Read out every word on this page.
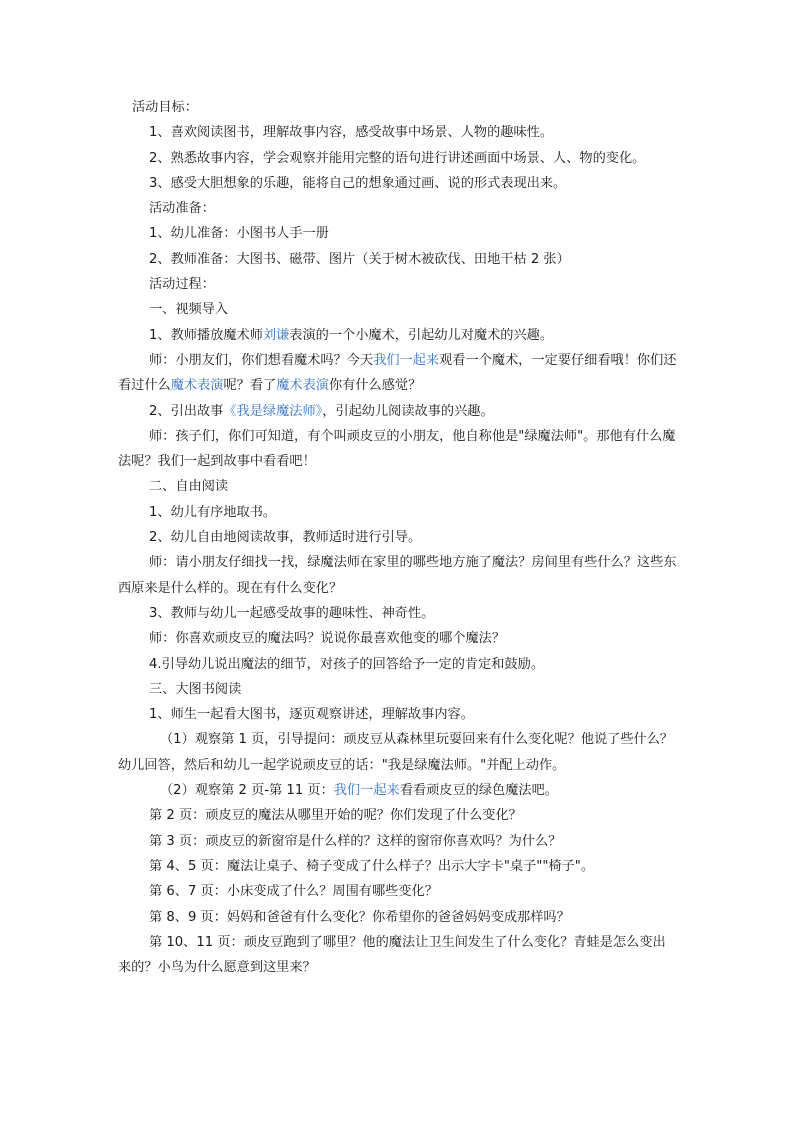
活动目标：

1、喜欢阅读图书，理解故事内容，感受故事中场景、人物的趣味性。

2、熟悉故事内容，学会观察并能用完整的语句进行讲述画面中场景、人、物的变化。

3、感受大胆想象的乐趣，能将自己的想象通过画、说的形式表现出来。

活动准备：

1、幼儿准备：小图书人手一册

2、教师准备：大图书、磁带、图片（关于树木被砍伐、田地干枯 2 张）

活动过程：

一、视频导入

1、教师播放魔术师刘谦表演的一个小魔术，引起幼儿对魔术的兴趣。

师：小朋友们，你们想看魔术吗？今天我们一起来观看一个魔术，一定要仔细看哦！你们还看过什么魔术表演呢？看了魔术表演你有什么感觉？

2、引出故事《我是绿魔法师》，引起幼儿阅读故事的兴趣。

师：孩子们，你们可知道，有个叫顽皮豆的小朋友，他自称他是"绿魔法师"。那他有什么魔法呢？我们一起到故事中看看吧！

二、自由阅读

1、幼儿有序地取书。

2、幼儿自由地阅读故事，教师适时进行引导。

师：请小朋友仔细找一找，绿魔法师在家里的哪些地方施了魔法？房间里有些什么？这些东西原来是什么样的。现在有什么变化？

3、教师与幼儿一起感受故事的趣味性、神奇性。

师：你喜欢顽皮豆的魔法吗？说说你最喜欢他变的哪个魔法？

4.引导幼儿说出魔法的细节，对孩子的回答给予一定的肯定和鼓励。

三、大图书阅读

1、师生一起看大图书，逐页观察讲述，理解故事内容。

（1）观察第 1 页，引导提问：顽皮豆从森林里玩耍回来有什么变化呢？他说了些什么？幼儿回答，然后和幼儿一起学说顽皮豆的话："我是绿魔法师。"并配上动作。

（2）观察第 2 页-第 11 页：我们一起来看看顽皮豆的绿色魔法吧。

第 2 页：顽皮豆的魔法从哪里开始的呢？你们发现了什么变化？

第 3 页：顽皮豆的新窗帘是什么样的？这样的窗帘你喜欢吗？为什么？

第 4、5 页：魔法让桌子、椅子变成了什么样子？出示大字卡"桌子""椅子"。

第 6、7 页：小床变成了什么？周围有哪些变化？

第 8、9 页：妈妈和爸爸有什么变化？你希望你的爸爸妈妈变成那样吗？

第 10、11 页：顽皮豆跑到了哪里？他的魔法让卫生间发生了什么变化？青蛙是怎么变出来的？小鸟为什么愿意到这里来？
